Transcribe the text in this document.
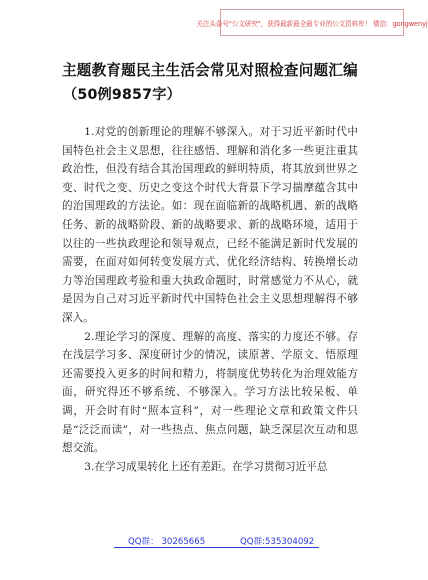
关注头条号"公文研究"，获得最新最全最专业的公文资料库！ 微信：gongwenyj
主题教育题民主生活会常见对照检查问题汇编
（50例9857字）

1.对党的创新理论的理解不够深入。对于习近平新时代中国特色社会主义思想，往往感悟、理解和消化多一些更注重其政治性，但没有结合其治国理政的鲜明特质，将其放到世界之变、时代之变、历史之变这个时代大背景下学习揣摩蕴含其中的治国理政的方法论。如：现在面临新的战略机遇、新的战略任务、新的战略阶段、新的战略要求、新的战略环境，适用于以往的一些执政理论和领导观点，已经不能满足新时代发展的需要，在面对如何转变发展方式、优化经济结构、转换增长动力等治国理政考验和重大执政命题时，时常感觉力不从心，就是因为自己对习近平新时代中国特色社会主义思想理解得不够深入。

2.理论学习的深度、理解的高度、落实的力度还不够。存在浅层学习多、深度研讨少的情况，读原著、学原文、悟原理还需要投入更多的时间和精力，将制度优势转化为治理效能方面，研究得还不够系统、不够深入。学习方法比较呆板、单调，开会时有时“照本宣科”，对一些理论文章和政策文件只是“泛泛而读”，对一些热点、焦点问题，缺乏深层次互动和思想交流。

3.在学习成果转化上还有差距。在学习贯彻习近平总

QQ群： 30265665	QQ群:535304092
